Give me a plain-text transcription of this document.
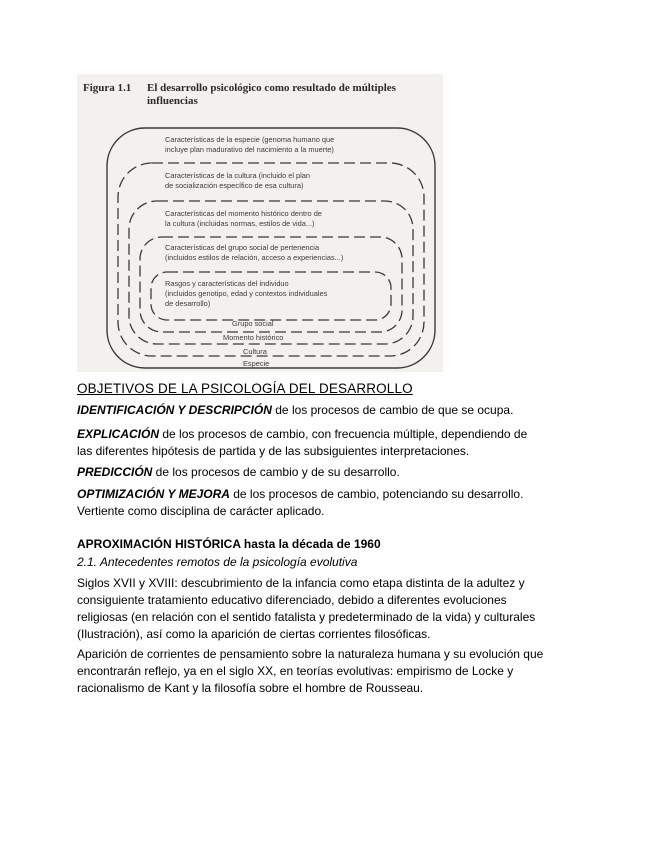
Figura 1.1 El desarrollo psicológico como resultado de múltiples
influencias
Características de la especie (genoma humano que
incluye plan madurativo del nacimiento a la muerte)
Características de la cultura (incluido el plan
de socialización específico de esa cultura)
Características del momento histórico dentro de
la cultura (incluidas normas, estilos de vida...)
Características del grupo social de pertenencia
(incluidos estilos de relación, acceso a experiencias...)
Rasgos y características del individuo
(incluidos genotipo, edad y contextos individuales
de desarrollo)
Grupo social
Momento histórico
Cultura
Especie
OBJETIVOS DE LA PSICOLOGÍA DEL DESARROLLO

IDENTIFICACIÓN Y DESCRIPCIÓN de los procesos de cambio de que se ocupa.

EXPLICACIÓN de los procesos de cambio, con frecuencia múltiple, dependiendo de

las diferentes hipótesis de partida y de las subsiguientes interpretaciones.

PREDICCIÓN de los procesos de cambio y de su desarrollo.

OPTIMIZACIÓN Y MEJORA de los procesos de cambio, potenciando su desarrollo.

Vertiente como disciplina de carácter aplicado.

APROXIMACIÓN HISTÓRICA hasta la década de 1960
2.1. Antecedentes remotos de la psicología evolutiva

Siglos XVII y XVIII: descubrimiento de la infancia como etapa distinta de la adultez y

consiguiente tratamiento educativo diferenciado, debido a diferentes evoluciones

religiosas (en relación con el sentido fatalista y predeterminado de la vida) y culturales

(Ilustración), así como la aparición de ciertas corrientes filosóficas.

Aparición de corrientes de pensamiento sobre la naturaleza humana y su evolución que

encontrarán reflejo, ya en el siglo XX, en teorías evolutivas: empirismo de Locke y

racionalismo de Kant y la filosofía sobre el hombre de Rousseau.
